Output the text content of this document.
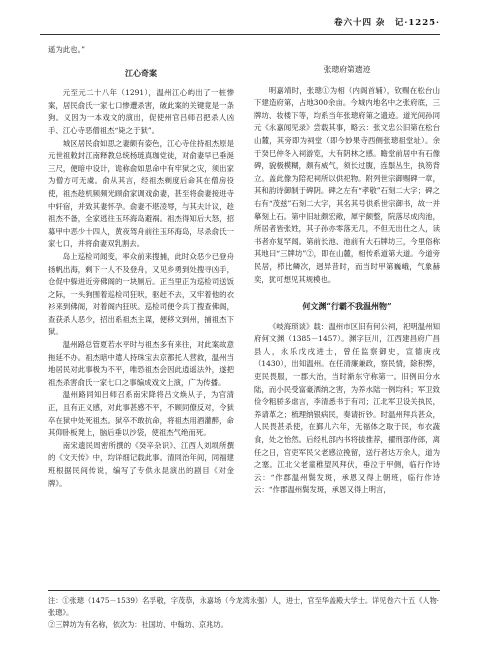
卷六十四 杂　记·1225·

遥为此也。”

江心奇案

元至元二十八年（1291），温州江心屿出了一桩惨案，居民俞氏一家七口惨遭杀害，破此案的关键竟是一条狗。义因为一本戏文的演出，促使州官吕师召把杀人凶手、江心寺恶僧祖杰“毙之于狱”。

城区居民俞如思之妻颇有姿色，江心寺住持祖杰原是元世祖敕封江南释教总统杨琏真珈党徒，对俞妻早已垂涎三尺，便暗中设计，诡称俞如思命中有牢狱之灾，须出家为僧方可无虞。俞从其言，经祖杰剃度后命其在僧房役使，祖杰趁机频频光顾俞家调戏俞妻，甚至将俞妻接进寺中轩宿，并致其妻怀孕。俞妻不堪凌辱，与其夫计议，趁祖杰不备，全家逃往玉环海岛避祸。祖杰得知后大怒，招募甲中恶少十四人，黄夜驾舟前往玉环海岛，尽杀俞氏一家七口，并将俞妻双乳割去。

岛上巡检司闻变，率众前来搜捕，此时众恶少已登舟扬帆出海，剩下一人不及登舟，又见乡勇到处搜寻凶手，仓促中躲进近旁佛阁的一块厕后。正当里正为巡检司送饭之际，一头狗围着巡检司狂吠，驱赶不去，又牢着他的衣衫来到佛阁，对着阁内狂吠。巡检司便令兵丁搜查佛阁，查获杀人恶少，招出系祖杰主谋，便移文到州，捕祖杰下狱。

温州路总管夏若水平时与祖杰多有来往，对此案故意拖延不办。祖杰暗中遣人持珠宝去京都托人营救，温州当地居民对此事极为不平，唯恐祖杰会因此逍遥法外，遂把祖杰杀害俞氏一家七口之事编成戏文上演，广为传播。

温州路同知吕师召系南宋降将吕文焕从子，为官清正，且有正义感，对此事甚感不平，不顾同僚反对，令狱卒在狱中处死祖杰。狱卒不敢抗命，将祖杰用酒灌醉，命其仰卧板凳上，脑后垂以沙袋，使祖杰气绝而死。

南宋遗民周密所撰的《癸辛杂识》、江西人刘埙所撰的《文天传》中，均详细记载此事。清同治年间，同福建班根据民间传说，编写了专供永昆演出的剧目《对金牌》。

张璁府第遗迹

明嘉靖时，张璁①为相（内阁首辅），钦赐在松台山下建造府第，占地300余亩。今城内地名中之张府底，三牌坊、妆楼下等，均系当年张璁府第之遗迹。道光间孙同元《永嘉闻见录》尝载其事，略云：张文忠公旧第在松台山麓，其旁即为祠堂（即今妙果寺西侧张璁祖堂址）。余于癸巳仲冬入祠游览，大有阴林之感。瞻堂前居中有石像碑，貌极模糊，颇有威气，须长过腹，连鬃丛生，执笏背立。盖此像为陪祀祠所以供祀物。附列世宗御赐碑一章，其和韵诗御制于碑阴。碑之左有“孝敬”石刻二大字；碑之右有“茂兹”石刻二大字，其名其号供系世宗御书，故一并摹刻上石。第中旧址颇宏敞，犀宇颇整，院落尽成肉池，所居者皆张姓，其子孙亦零落无几，不但无出仕之人，读书者亦复罕闻。第前长池、池前有大石牌坊三，今里俗称其地曰“三牌坊”②，即在山麓，相传系道第大道。今道旁民居，栉比鳞次，迥异昔时，而当时甲第巍峨，气象赫奕，犹可想见其规模也。

何文渊“行霸不我温州物”

《岐海琐谈》载：温州市区旧有何公祠，祀明温州知府何文渊（1385－1457）。渊字巨川，江西建昌府广昌县人，永乐戊戌进士，曾任监察御史，宣德庚戌（1430），出知温州。在任清廉兼政，察民情，除积弊，吏民畏服，一郡大治，当时渐东守称第一。旧例田分水陆，而小民受富豪洒纳之害，为养水陆一例均科；军卫致俭令粗骄多虐言，李清悉书于有司；江北军卫设关执民，养请革之；梳理纳银病民，奏请折钞。时温州拜兵甚众，人民畏甚杀使，在鄞儿六年，无福体之取于民，布衣蔬食，处之怡然。后经札部内书将拔推荐，擢刑部侍郎，离任之日，官吏军民父老感泣挽留，送行者达万余人，道为之塞。江北父老童稚望风拜伏，垂泣于甲侧，临行作诗云：“作郡温州鬓发斑，承恩又得上朝班，临行作诗云：“作郡温州鬓发斑，承恩又得上明言，

注：①张璁（1475－1539）名孚敬，字茂恭，永嘉场（今龙湾永强）人，进士，官至华盖殿大学士。详见卷六十五《人物·张璁》。
②三牌坊为有名称，依次为：社国坊、中翰坊、京兆坊。
